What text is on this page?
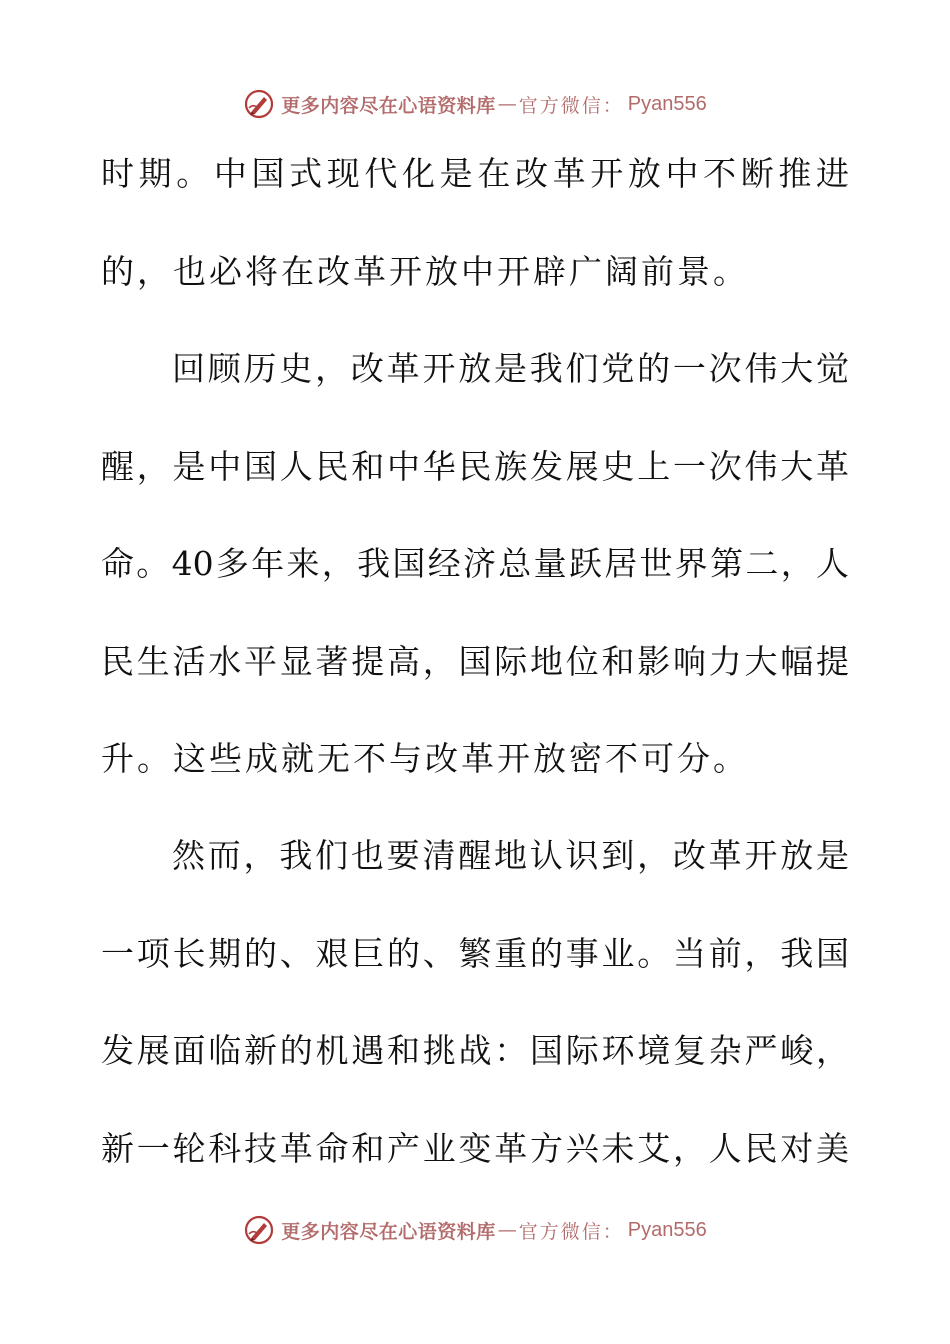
更多内容尽在心语资料库 — 官方微信： Pyan556
时期。中国式现代化是在改革开放中不断推进
的，也必将在改革开放中开辟广阔前景。
回顾历史，改革开放是我们党的一次伟大觉
醒，是中国人民和中华民族发展史上一次伟大革
命。40多年来，我国经济总量跃居世界第二，人
民生活水平显著提高，国际地位和影响力大幅提
升。这些成就无不与改革开放密不可分。
然而，我们也要清醒地认识到，改革开放是
一项长期的、艰巨的、繁重的事业。当前，我国
发展面临新的机遇和挑战：国际环境复杂严峻，
新一轮科技革命和产业变革方兴未艾，人民对美
更多内容尽在心语资料库 — 官方微信： Pyan556
